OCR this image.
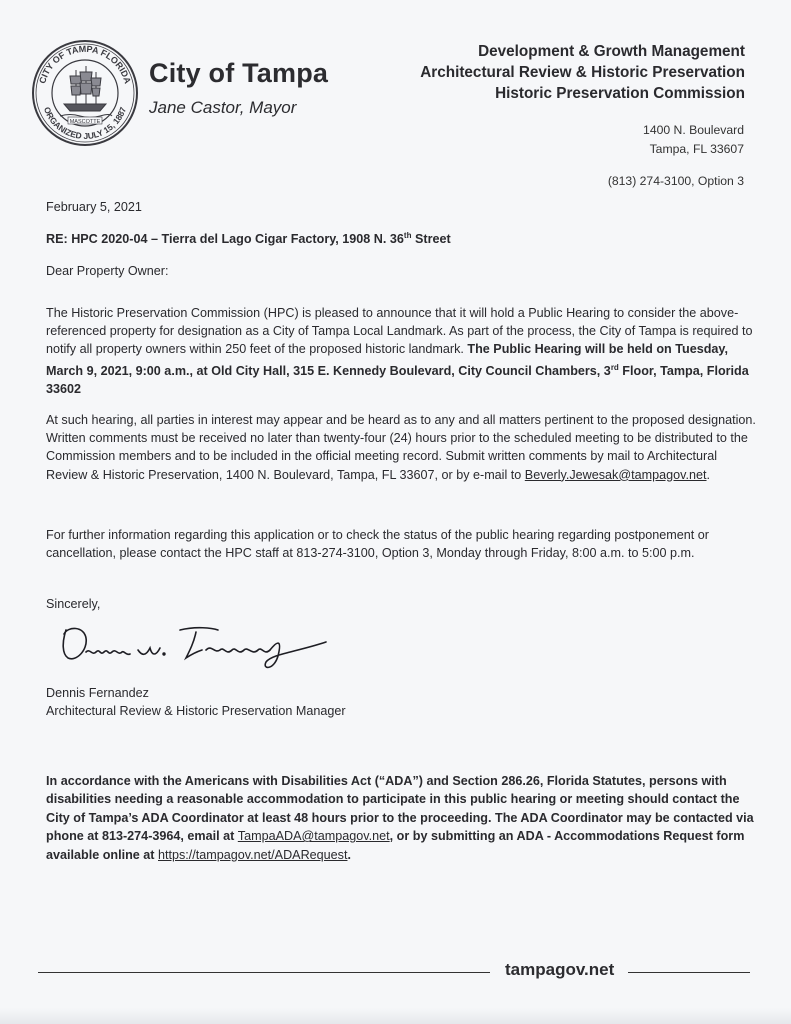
CITY OF TAMPA FLORIDA
ORGANIZED JULY 15, 1887
MASCOTTE
City of Tampa
Jane Castor, Mayor
Development & Growth Management
Architectural Review & Historic Preservation
Historic Preservation Commission
1400 N. Boulevard
Tampa, FL 33607
(813) 274-3100, Option 3
February 5, 2021
RE: HPC 2020-04 – Tierra del Lago Cigar Factory, 1908 N. 36th Street
Dear Property Owner:

The Historic Preservation Commission (HPC) is pleased to announce that it will hold a Public Hearing to consider the above-referenced property for designation as a City of Tampa Local Landmark. As part of the process, the City of Tampa is required to notify all property owners within 250 feet of the proposed historic landmark. The Public Hearing will be held on Tuesday, March 9, 2021, 9:00 a.m., at Old City Hall, 315 E. Kennedy Boulevard, City Council Chambers, 3rd Floor, Tampa, Florida 33602

At such hearing, all parties in interest may appear and be heard as to any and all matters pertinent to the proposed designation. Written comments must be received no later than twenty-four (24) hours prior to the scheduled meeting to be distributed to the Commission members and to be included in the official meeting record. Submit written comments by mail to Architectural Review & Historic Preservation, 1400 N. Boulevard, Tampa, FL 33607, or by e-mail to Beverly.Jewesak@tampagov.net.

For further information regarding this application or to check the status of the public hearing regarding postponement or cancellation, please contact the HPC staff at 813-274-3100, Option 3, Monday through Friday, 8:00 a.m. to 5:00 p.m.

Sincerely,
Dennis Fernandez
Architectural Review & Historic Preservation Manager

In accordance with the Americans with Disabilities Act (“ADA”) and Section 286.26, Florida Statutes, persons with disabilities needing a reasonable accommodation to participate in this public hearing or meeting should contact the City of Tampa’s ADA Coordinator at least 48 hours prior to the proceeding. The ADA Coordinator may be contacted via phone at 813-274-3964, email at TampaADA@tampagov.net, or by submitting an ADA - Accommodations Request form available online at https://tampagov.net/ADARequest.

tampagov.net
